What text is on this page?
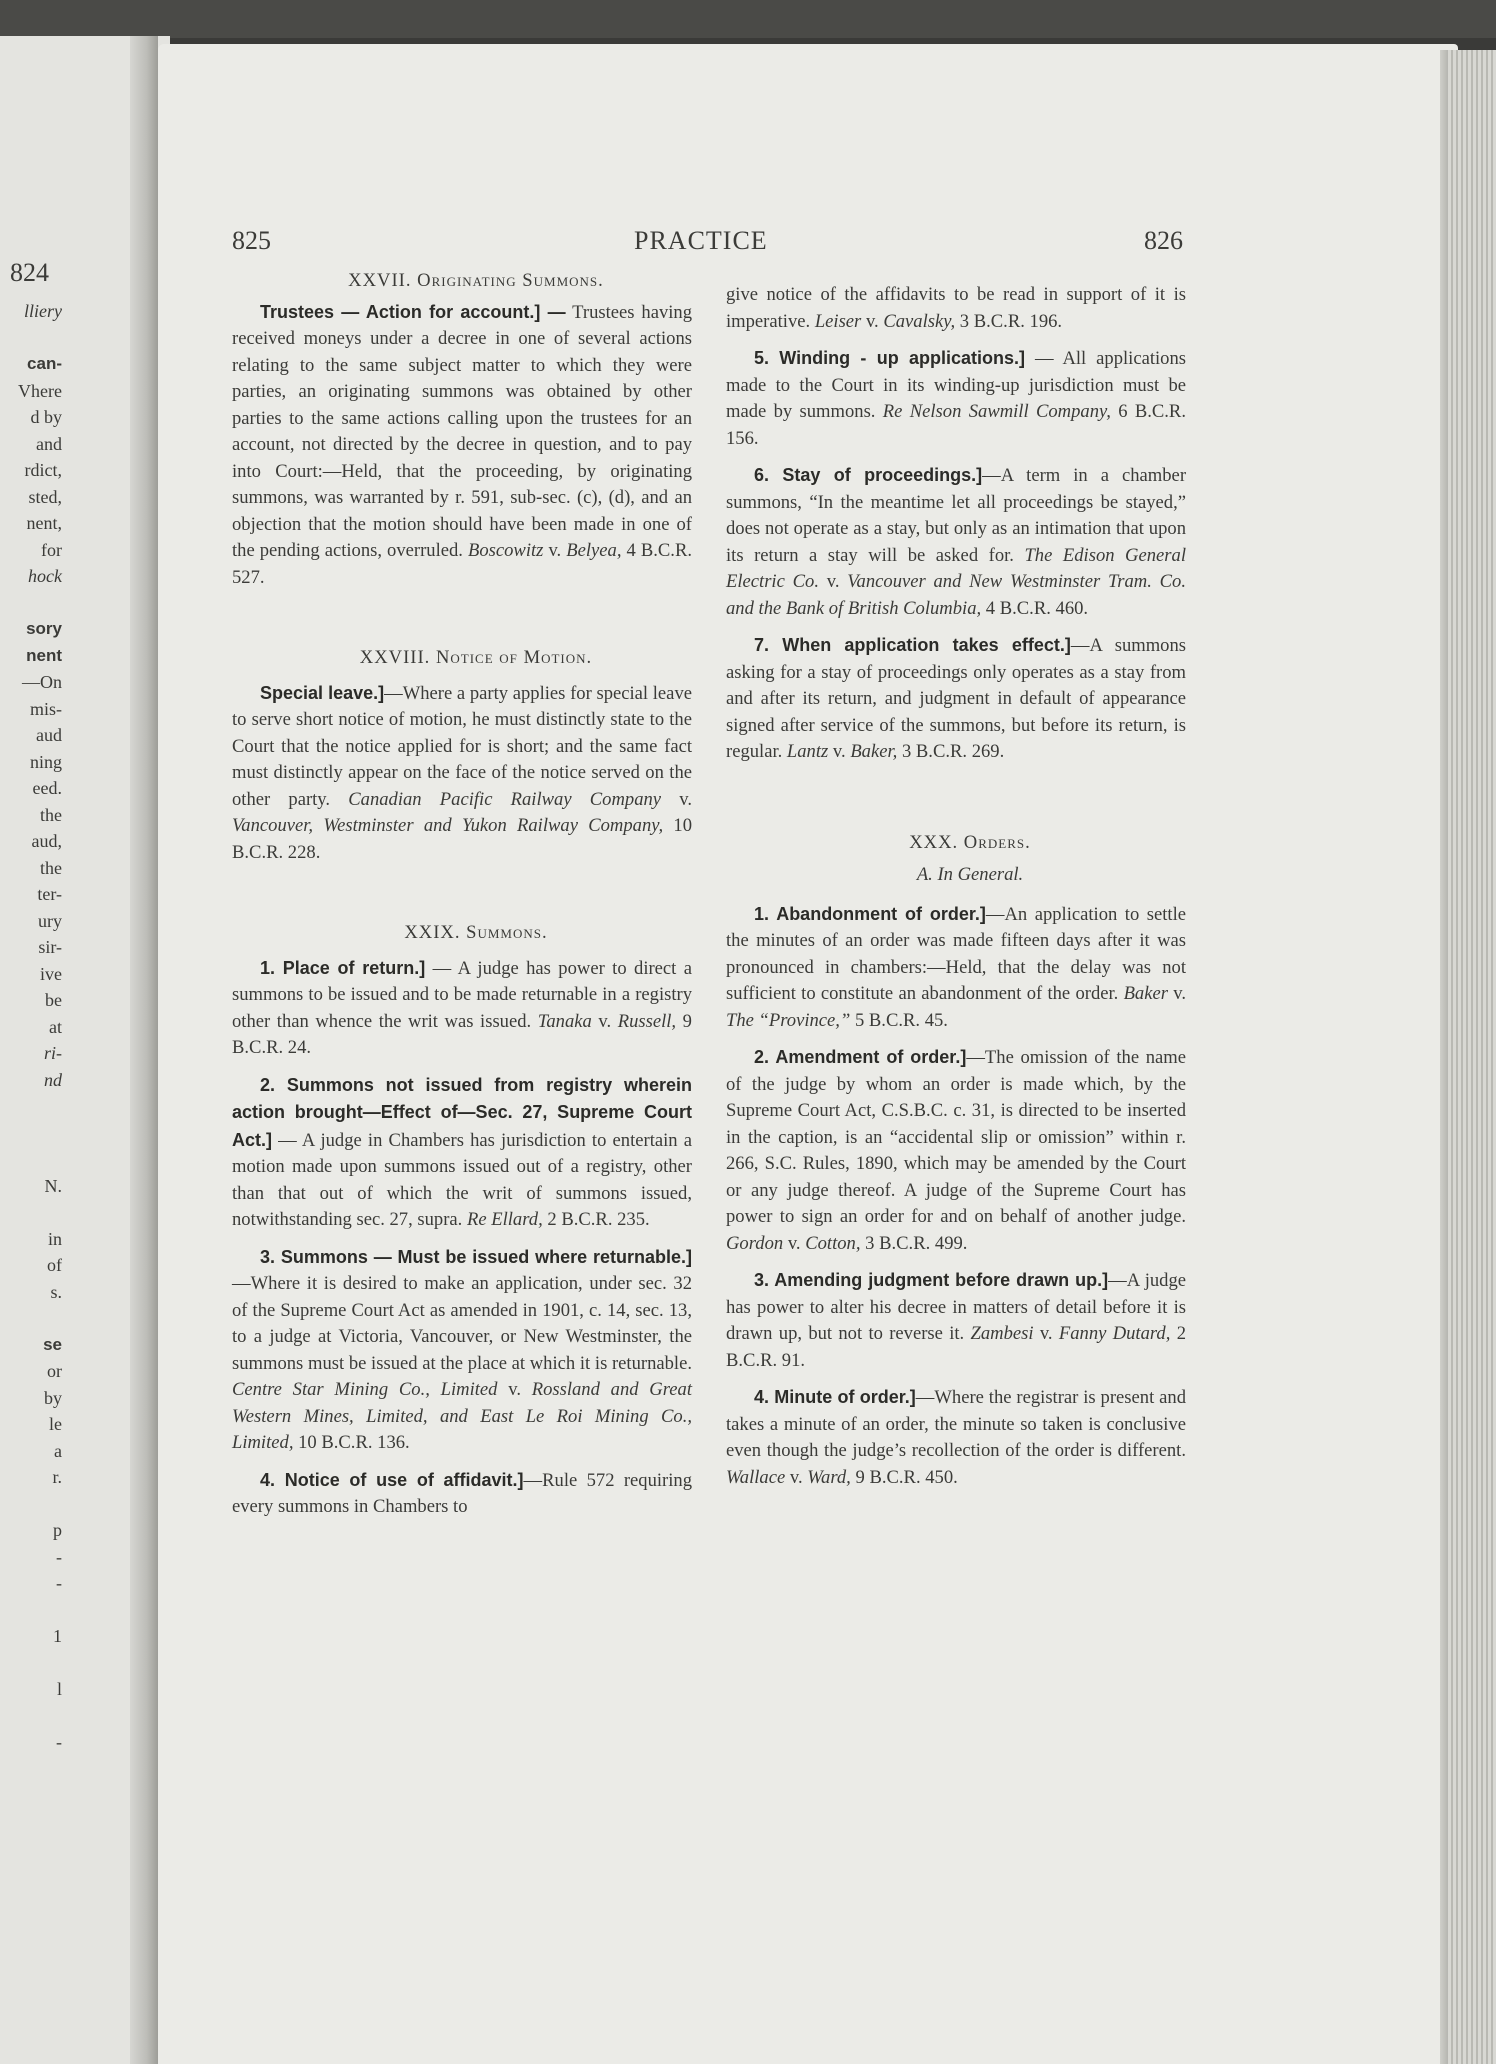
824
lliery
can-
Vhere
d by
and
rdict,
sted,
nent,
for
hock
sory
nent
—On
mis-
aud
ning
eed.
the
aud,
the
ter-
ury
sir-
ive
be
at
ri-
nd
N.
in
of
s.
se
or
by
le
a
r.
p
-
-
1
l
-
825	PRACTICE	826

XXVII. Originating Summons.

Trustees — Action for account.] — Trustees having received moneys under a decree in one of several actions relating to the same subject matter to which they were parties, an originating summons was obtained by other parties to the same actions calling upon the trustees for an account, not directed by the decree in question, and to pay into Court:—Held, that the proceeding, by originating summons, was warranted by r. 591, sub-sec. (c), (d), and an objection that the motion should have been made in one of the pending actions, overruled. Boscowitz v. Belyea, 4 B.C.R. 527.

XXVIII. Notice of Motion.

Special leave.]—Where a party applies for special leave to serve short notice of motion, he must distinctly state to the Court that the notice applied for is short; and the same fact must distinctly appear on the face of the notice served on the other party. Canadian Pacific Railway Company v. Vancouver, Westminster and Yukon Railway Company, 10 B.C.R. 228.

XXIX. Summons.

1. Place of return.] — A judge has power to direct a summons to be issued and to be made returnable in a registry other than whence the writ was issued. Tanaka v. Russell, 9 B.C.R. 24.

2. Summons not issued from registry wherein action brought—Effect of—Sec. 27, Supreme Court Act.] — A judge in Chambers has jurisdiction to entertain a motion made upon summons issued out of a registry, other than that out of which the writ of summons issued, notwithstanding sec. 27, supra. Re Ellard, 2 B.C.R. 235.

3. Summons — Must be issued where returnable.]—Where it is desired to make an application, under sec. 32 of the Supreme Court Act as amended in 1901, c. 14, sec. 13, to a judge at Victoria, Vancouver, or New Westminster, the summons must be issued at the place at which it is returnable. Centre Star Mining Co., Limited v. Rossland and Great Western Mines, Limited, and East Le Roi Mining Co., Limited, 10 B.C.R. 136.

4. Notice of use of affidavit.]—Rule 572 requiring every summons in Chambers to

give notice of the affidavits to be read in support of it is imperative. Leiser v. Cavalsky, 3 B.C.R. 196.

5. Winding - up applications.] — All applications made to the Court in its winding-up jurisdiction must be made by summons. Re Nelson Sawmill Company, 6 B.C.R. 156.

6. Stay of proceedings.]—A term in a chamber summons, “In the meantime let all proceedings be stayed,” does not operate as a stay, but only as an intimation that upon its return a stay will be asked for. The Edison General Electric Co. v. Vancouver and New Westminster Tram. Co. and the Bank of British Columbia, 4 B.C.R. 460.

7. When application takes effect.]—A summons asking for a stay of proceedings only operates as a stay from and after its return, and judgment in default of appearance signed after service of the summons, but before its return, is regular. Lantz v. Baker, 3 B.C.R. 269.

XXX. Orders.

A. In General.

1. Abandonment of order.]—An application to settle the minutes of an order was made fifteen days after it was pronounced in chambers:—Held, that the delay was not sufficient to constitute an abandonment of the order. Baker v. The “Province,” 5 B.C.R. 45.

2. Amendment of order.]—The omission of the name of the judge by whom an order is made which, by the Supreme Court Act, C.S.B.C. c. 31, is directed to be inserted in the caption, is an “accidental slip or omission” within r. 266, S.C. Rules, 1890, which may be amended by the Court or any judge thereof. A judge of the Supreme Court has power to sign an order for and on behalf of another judge. Gordon v. Cotton, 3 B.C.R. 499.

3. Amending judgment before drawn up.]—A judge has power to alter his decree in matters of detail before it is drawn up, but not to reverse it. Zambesi v. Fanny Dutard, 2 B.C.R. 91.

4. Minute of order.]—Where the registrar is present and takes a minute of an order, the minute so taken is conclusive even though the judge’s recollection of the order is different. Wallace v. Ward, 9 B.C.R. 450.
